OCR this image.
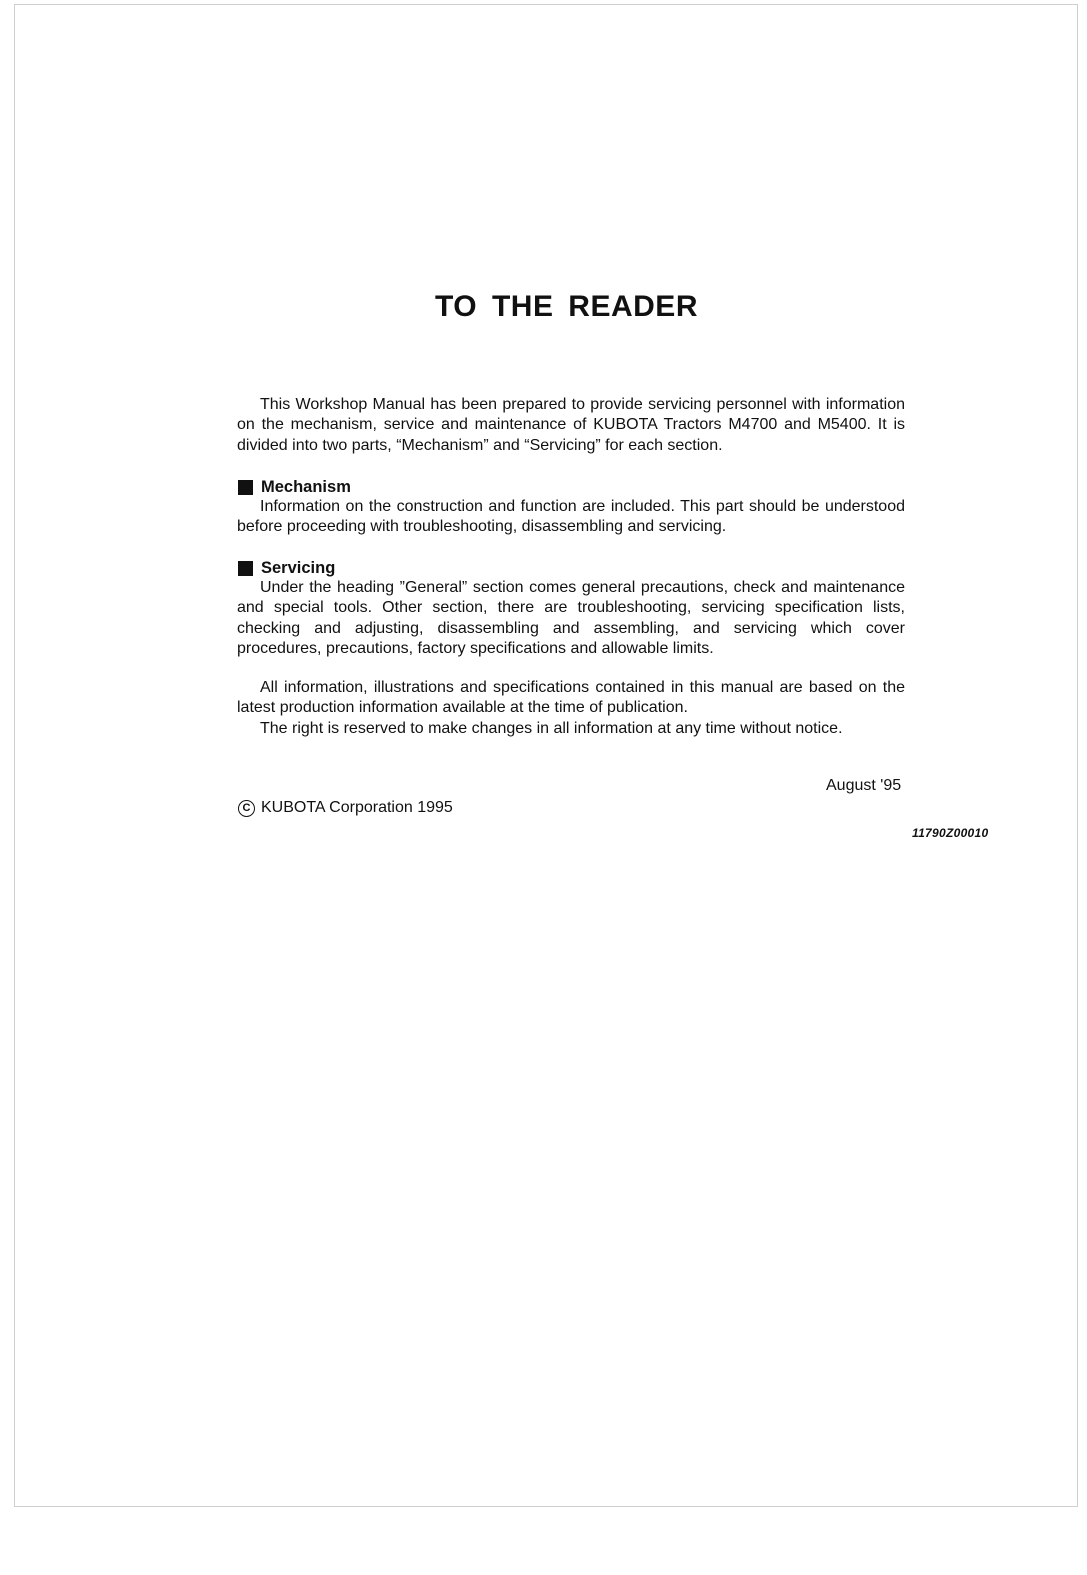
TO THE READER

This Workshop Manual has been prepared to provide servicing personnel with information on the mechanism, service and maintenance of KUBOTA Tractors M4700 and M5400. It is divided into two parts, “Mechanism” and “Servicing” for each section.

Mechanism

Information on the construction and function are included. This part should be understood before proceeding with troubleshooting, disassembling and servicing.

Servicing

Under the heading ”General” section comes general precautions, check and maintenance and special tools. Other section, there are troubleshooting, servicing specification lists, checking and adjusting, disassembling and assembling, and servicing which cover procedures, precautions, factory specifications and allowable limits.

All information, illustrations and specifications contained in this manual are based on the latest production information available at the time of publication.

The right is reserved to make changes in all information at any time without notice.

August '95
C KUBOTA Corporation 1995
11790Z00010
